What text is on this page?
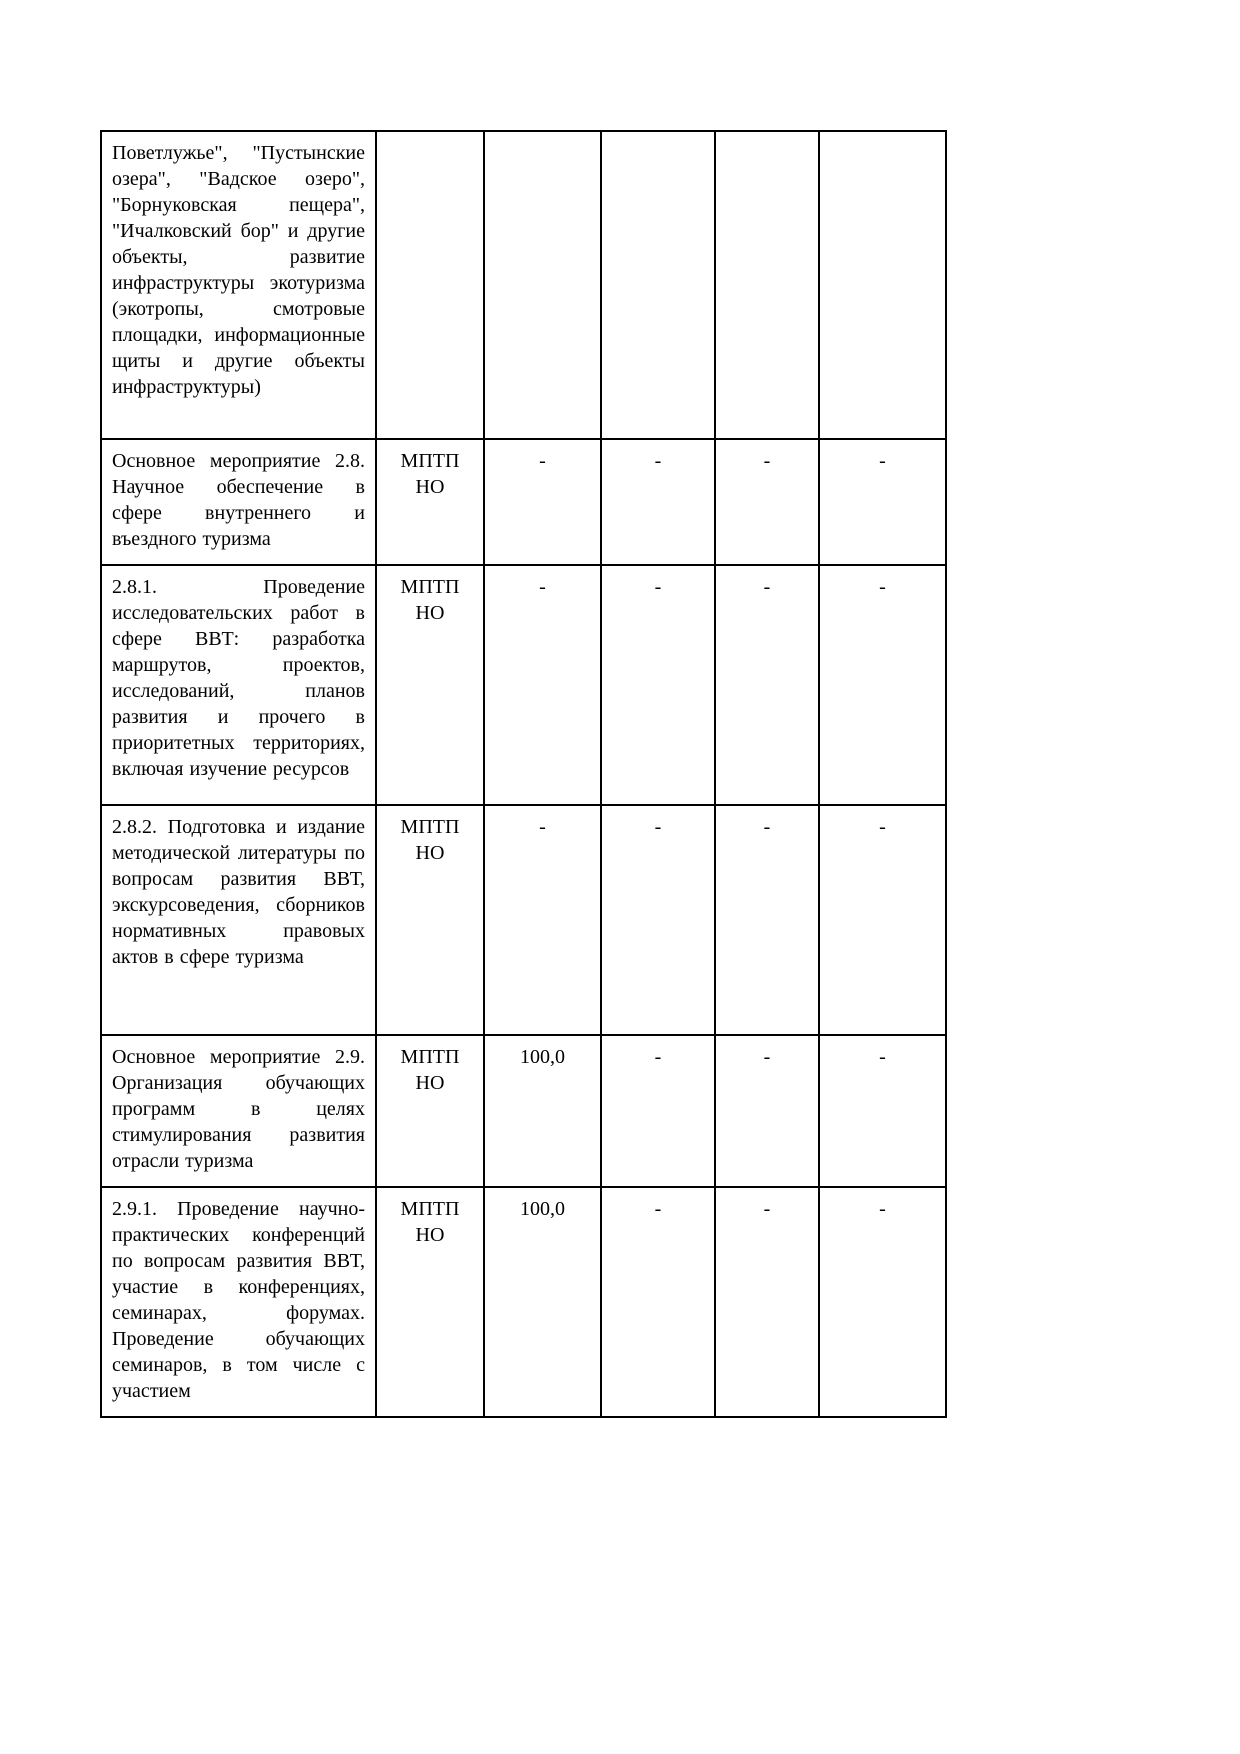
Поветлужье", "Пустынские озера", "Вадское озеро", "Борнуковская пещера", "Ичалковский бор" и другие объекты, развитие инфраструктуры экотуризма (экотропы, смотровые площадки, информационные щиты и другие объекты инфраструктуры)					
Основное мероприятие 2.8. Научное обеспечение в сфере внутреннего и въездного туризма	МПТП НО	-	-	-	-
2.8.1. Проведение исследовательских работ в сфере ВВТ: разработка маршрутов, проектов, исследований, планов развития и прочего в приоритетных территориях, включая изучение ресурсов	МПТП НО	-	-	-	-
2.8.2. Подготовка и издание методической литературы по вопросам развития ВВТ, экскурсоведения, сборников нормативных правовых актов в сфере туризма	МПТП НО	-	-	-	-
Основное мероприятие 2.9. Организация обучающих программ в целях стимулирования развития отрасли туризма	МПТП НО	100,0	-	-	-
2.9.1. Проведение научно-практических конференций по вопросам развития ВВТ, участие в конференциях, семинарах, форумах. Проведение обучающих семинаров, в том числе с участием	МПТП НО	100,0	-	-	-
